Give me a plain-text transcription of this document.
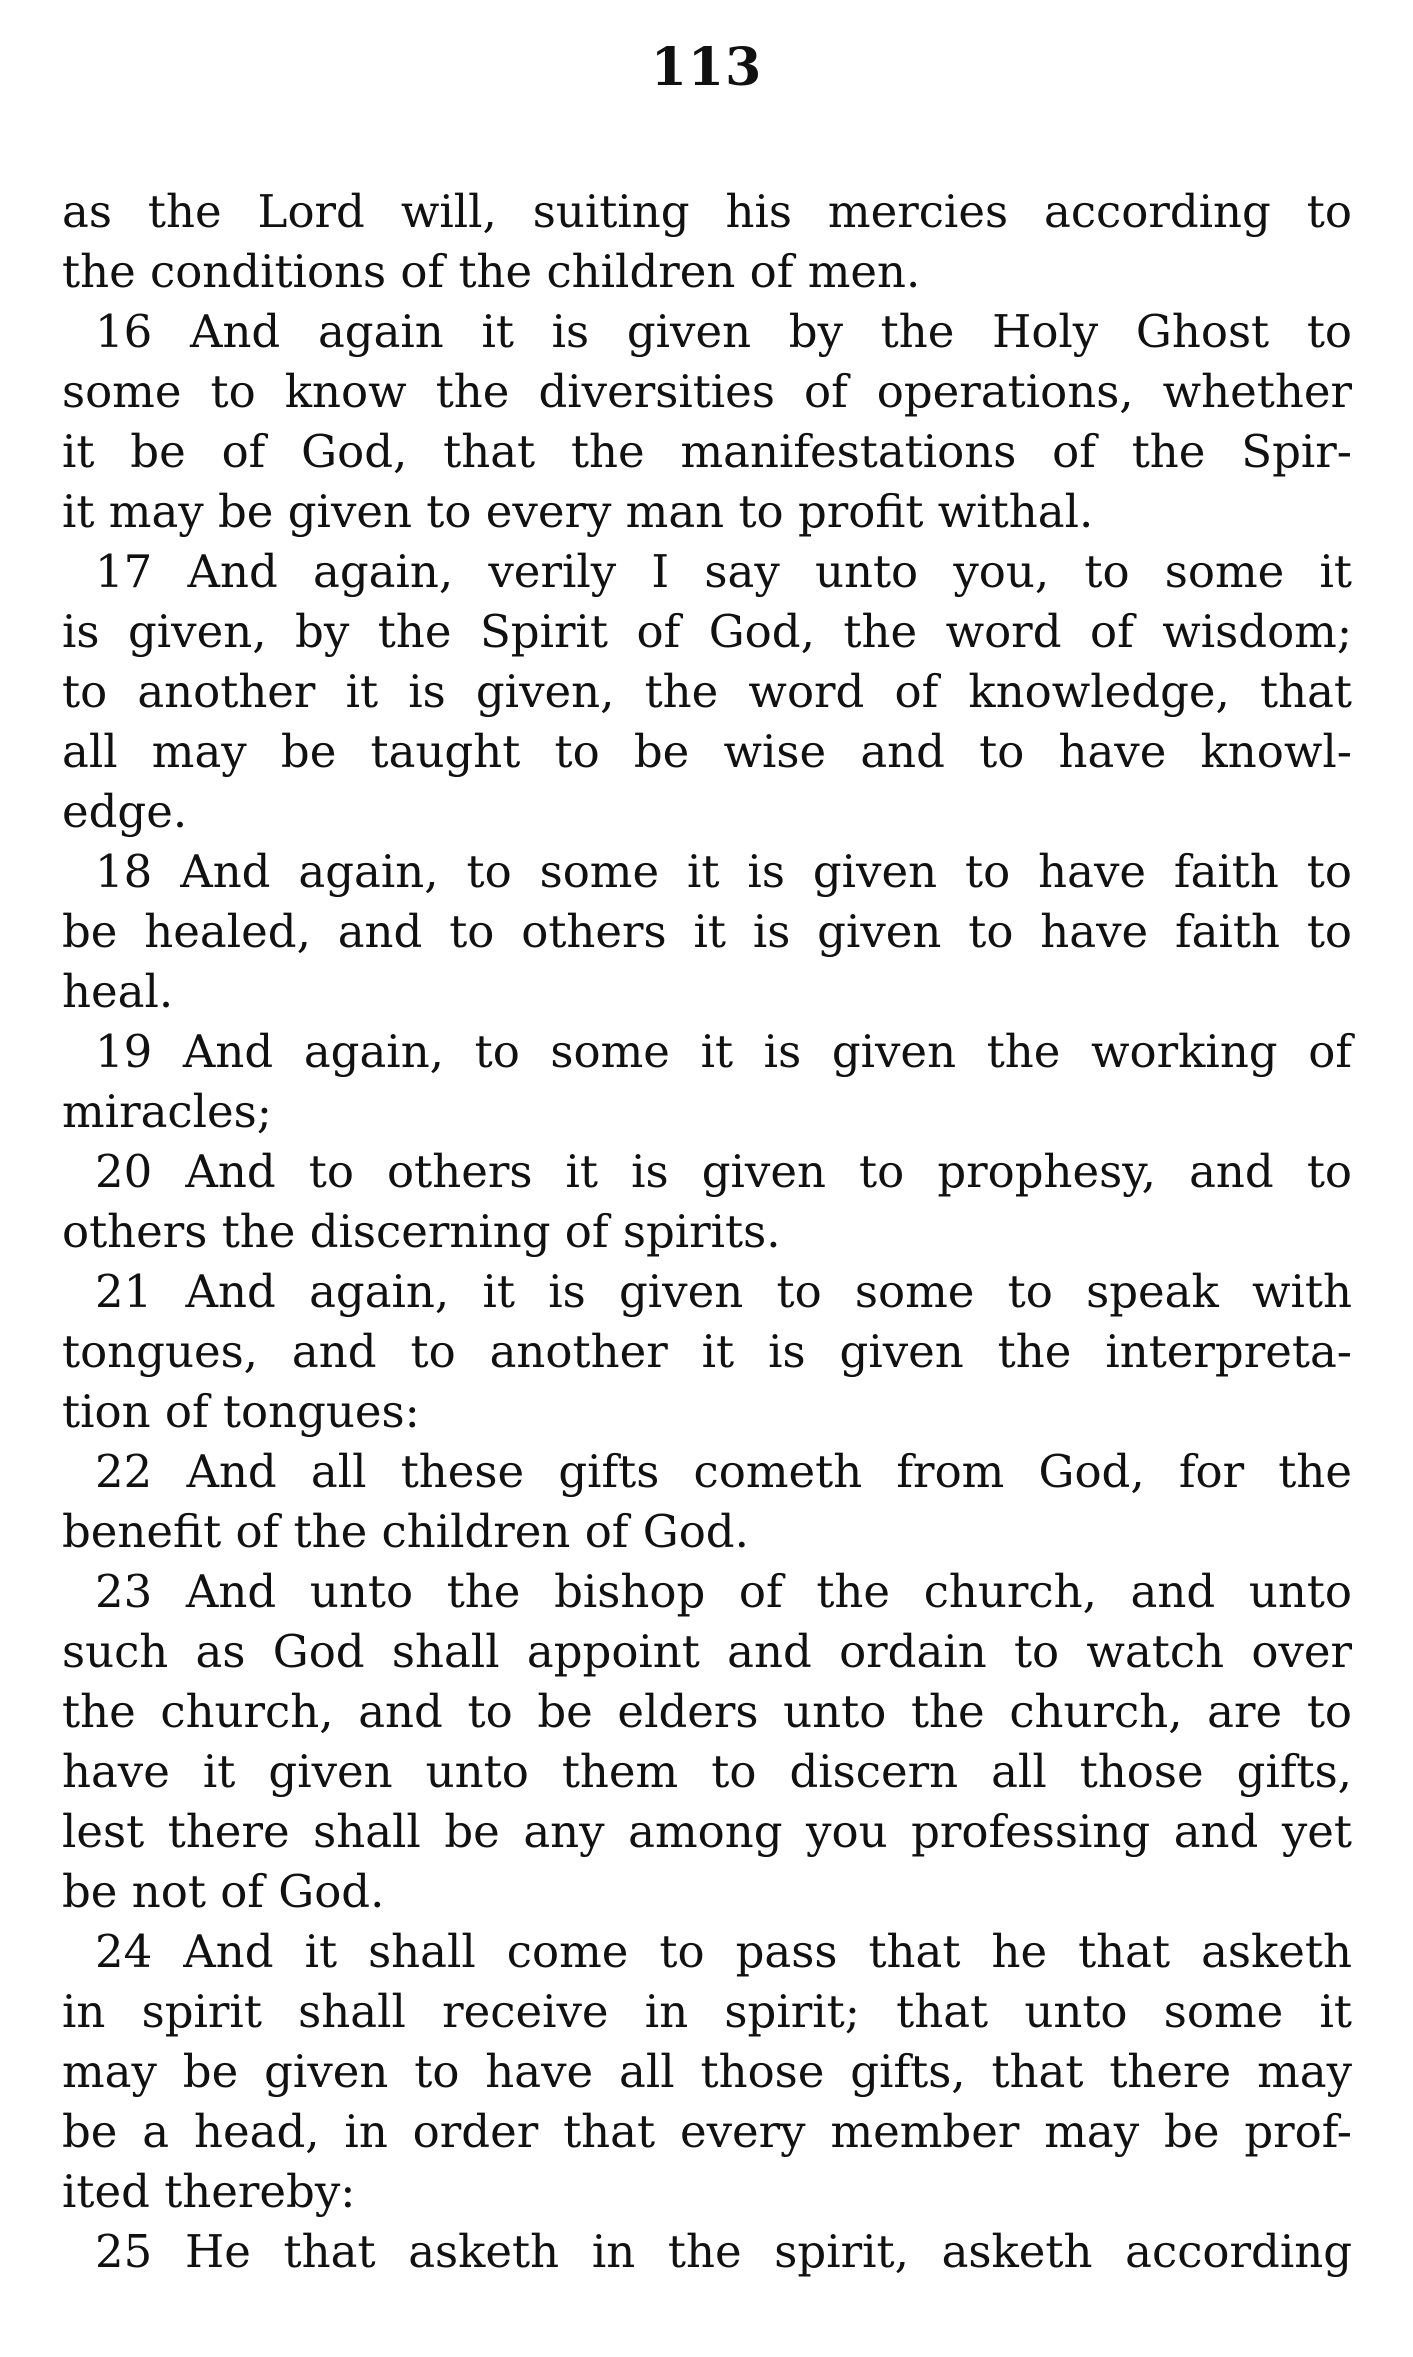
113
as the Lord will, suiting his mercies according to
the conditions of the children of men.
16 And again it is given by the Holy Ghost to
some to know the diversities of operations, whether
it be of God, that the manifestations of the Spir-
it may be given to every man to profit withal.
17 And again, verily I say unto you, to some it
is given, by the Spirit of God, the word of wisdom;
to another it is given, the word of knowledge, that
all may be taught to be wise and to have knowl-
edge.
18 And again, to some it is given to have faith to
be healed, and to others it is given to have faith to
heal.
19 And again, to some it is given the working of
miracles;
20 And to others it is given to prophesy, and to
others the discerning of spirits.
21 And again, it is given to some to speak with
tongues, and to another it is given the interpreta-
tion of tongues:
22 And all these gifts cometh from God, for the
benefit of the children of God.
23 And unto the bishop of the church, and unto
such as God shall appoint and ordain to watch over
the church, and to be elders unto the church, are to
have it given unto them to discern all those gifts,
lest there shall be any among you professing and yet
be not of God.
24 And it shall come to pass that he that asketh
in spirit shall receive in spirit; that unto some it
may be given to have all those gifts, that there may
be a head, in order that every member may be prof-
ited thereby:
25 He that asketh in the spirit, asketh according
